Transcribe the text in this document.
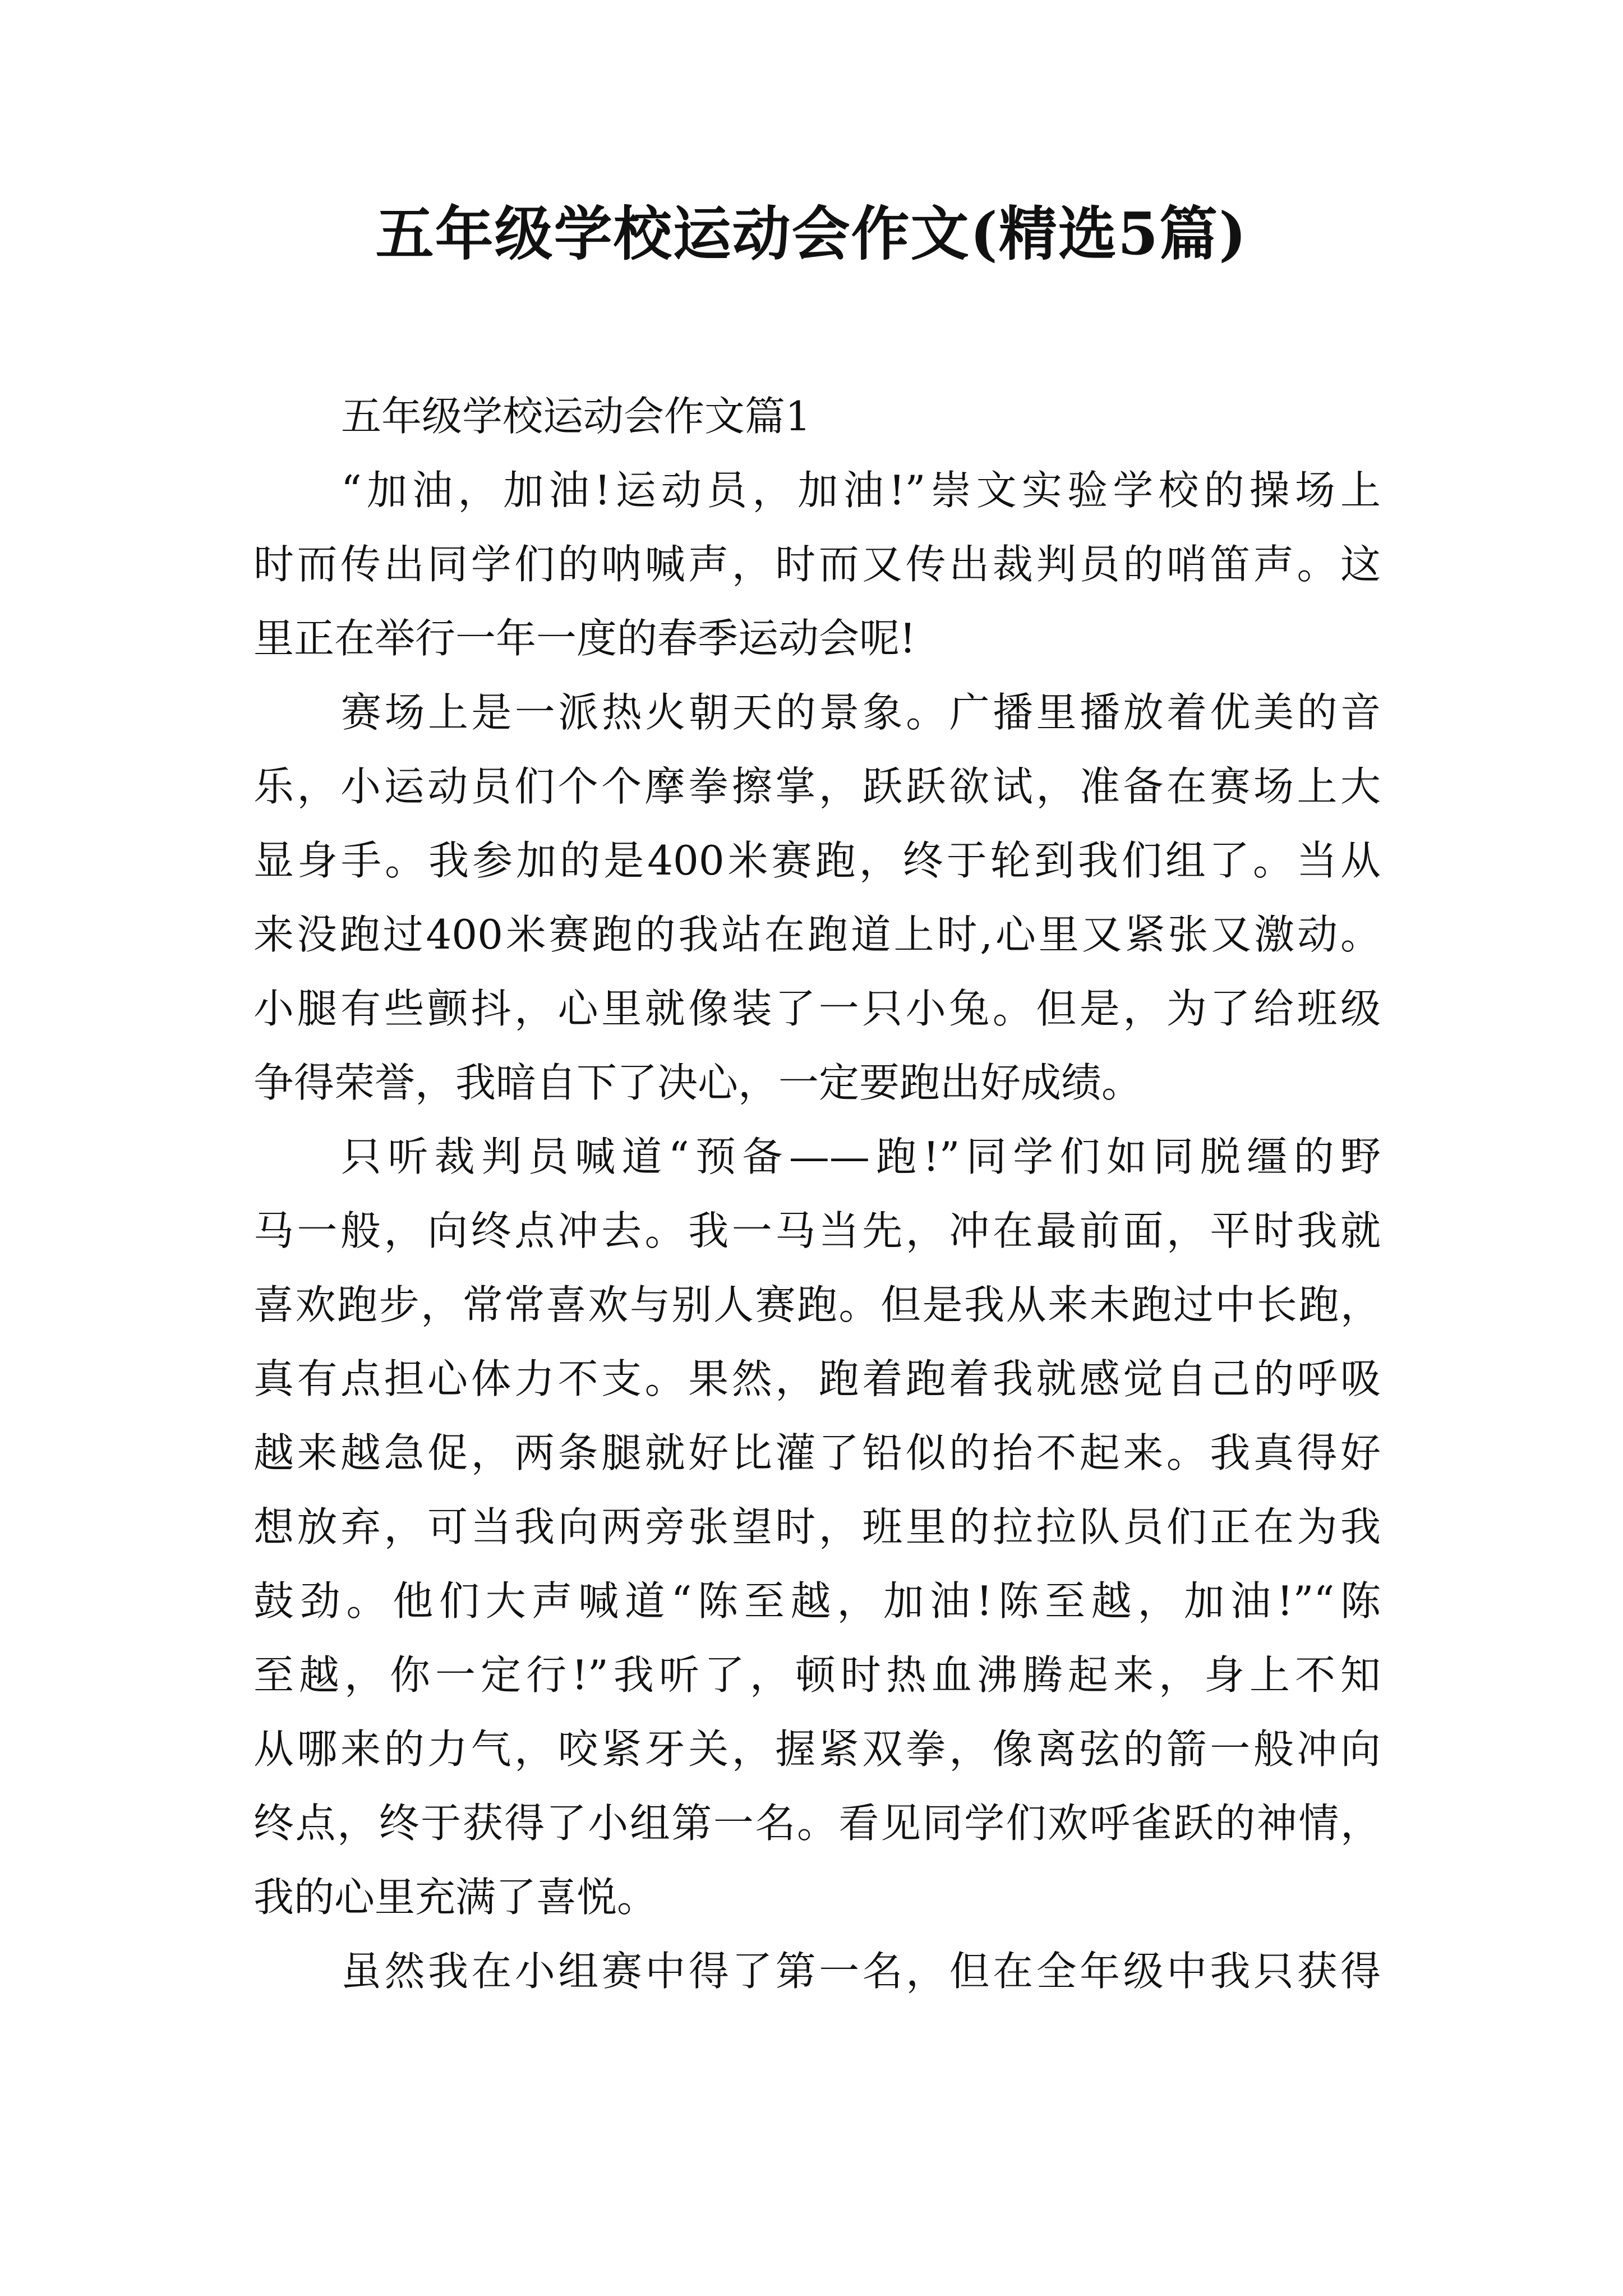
五年级学校运动会作文(精选5篇)
五年级学校运动会作文篇1
“加油，加油!运动员，加油!”崇文实验学校的操场上
时而传出同学们的呐喊声，时而又传出裁判员的哨笛声。这
里正在举行一年一度的春季运动会呢!
赛场上是一派热火朝天的景象。广播里播放着优美的音
乐，小运动员们个个摩拳擦掌，跃跃欲试，准备在赛场上大
显身手。我参加的是400米赛跑，终于轮到我们组了。当从
来没跑过400米赛跑的我站在跑道上时,心里又紧张又激动。
小腿有些颤抖，心里就像装了一只小兔。但是，为了给班级
争得荣誉，我暗自下了决心，一定要跑出好成绩。
只听裁判员喊道“预备——跑!”同学们如同脱缰的野
马一般，向终点冲去。我一马当先，冲在最前面，平时我就
喜欢跑步，常常喜欢与别人赛跑。但是我从来未跑过中长跑，
真有点担心体力不支。果然，跑着跑着我就感觉自己的呼吸
越来越急促，两条腿就好比灌了铅似的抬不起来。我真得好
想放弃，可当我向两旁张望时，班里的拉拉队员们正在为我
鼓劲。他们大声喊道“陈至越，加油!陈至越，加油!”“陈
至越，你一定行!”我听了，顿时热血沸腾起来，身上不知
从哪来的力气，咬紧牙关，握紧双拳，像离弦的箭一般冲向
终点，终于获得了小组第一名。看见同学们欢呼雀跃的神情，
我的心里充满了喜悦。
虽然我在小组赛中得了第一名，但在全年级中我只获得
